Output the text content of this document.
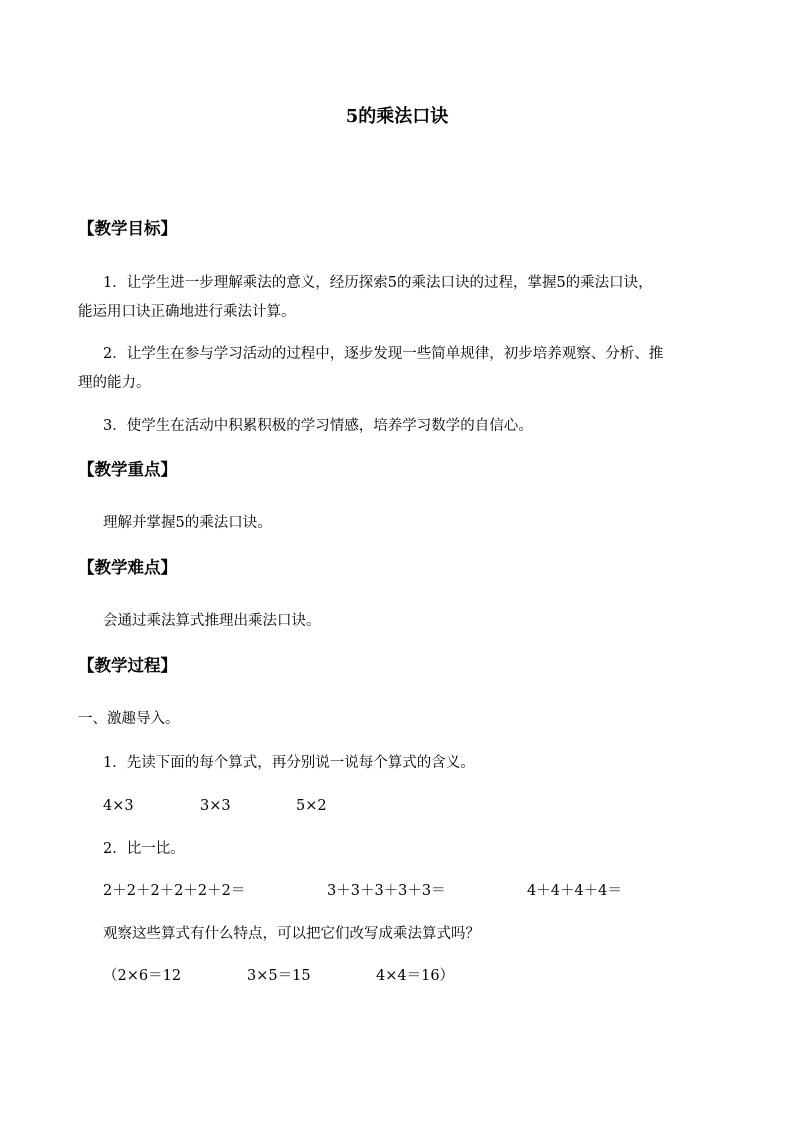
5的乘法口诀
【教学目标】
1．让学生进一步理解乘法的意义，经历探索5的乘法口诀的过程，掌握5的乘法口诀，
能运用口诀正确地进行乘法计算。
2．让学生在参与学习活动的过程中，逐步发现一些简单规律，初步培养观察、分析、推
理的能力。
3．使学生在活动中积累积极的学习情感，培养学习数学的自信心。
【教学重点】
理解并掌握5的乘法口诀。
【教学难点】
会通过乘法算式推理出乘法口诀。
【教学过程】
一、激趣导入。
1．先读下面的每个算式，再分别说一说每个算式的含义。
4×3	3×3	5×2
2．比一比。
2＋2＋2＋2＋2＋2＝	3＋3＋3＋3＋3＝	4＋4＋4＋4＝
观察这些算式有什么特点，可以把它们改写成乘法算式吗？
（2×6＝12	3×5＝15	4×4＝16）
